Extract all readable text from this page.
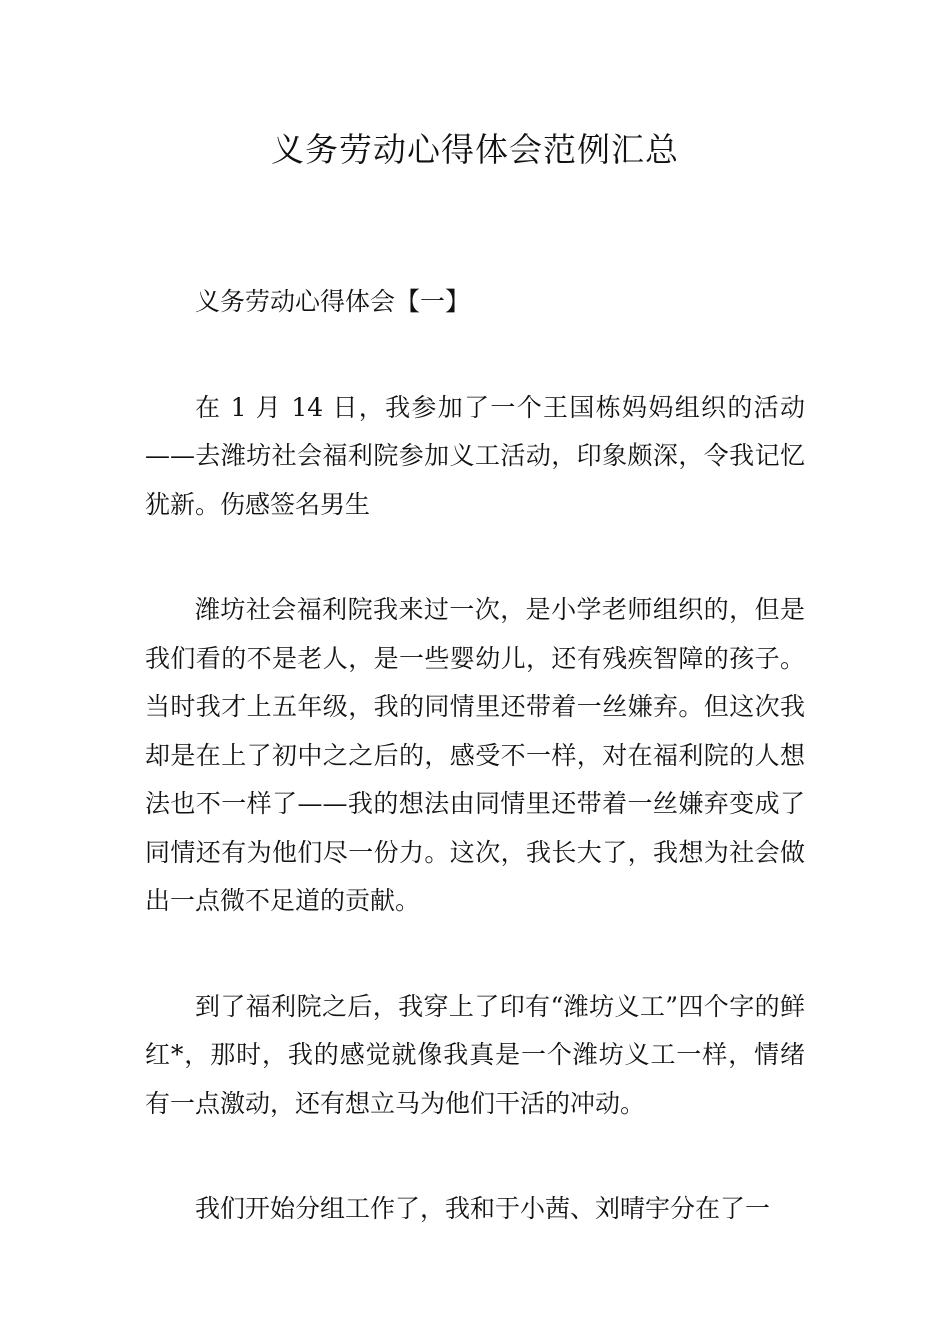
义务劳动心得体会范例汇总

义务劳动心得体会【一】

在 1 月 14 日，我参加了一个王国栋妈妈组织的活动——去潍坊社会福利院参加义工活动，印象颇深，令我记忆犹新。伤感签名男生

潍坊社会福利院我来过一次，是小学老师组织的，但是我们看的不是老人，是一些婴幼儿，还有残疾智障的孩子。当时我才上五年级，我的同情里还带着一丝嫌弃。但这次我却是在上了初中之之后的，感受不一样，对在福利院的人想法也不一样了——我的想法由同情里还带着一丝嫌弃变成了同情还有为他们尽一份力。这次，我长大了，我想为社会做出一点微不足道的贡献。

到了福利院之后，我穿上了印有“潍坊义工”四个字的鲜红*，那时，我的感觉就像我真是一个潍坊义工一样，情绪有一点激动，还有想立马为他们干活的冲动。

我们开始分组工作了，我和于小茜、刘晴宇分在了一
